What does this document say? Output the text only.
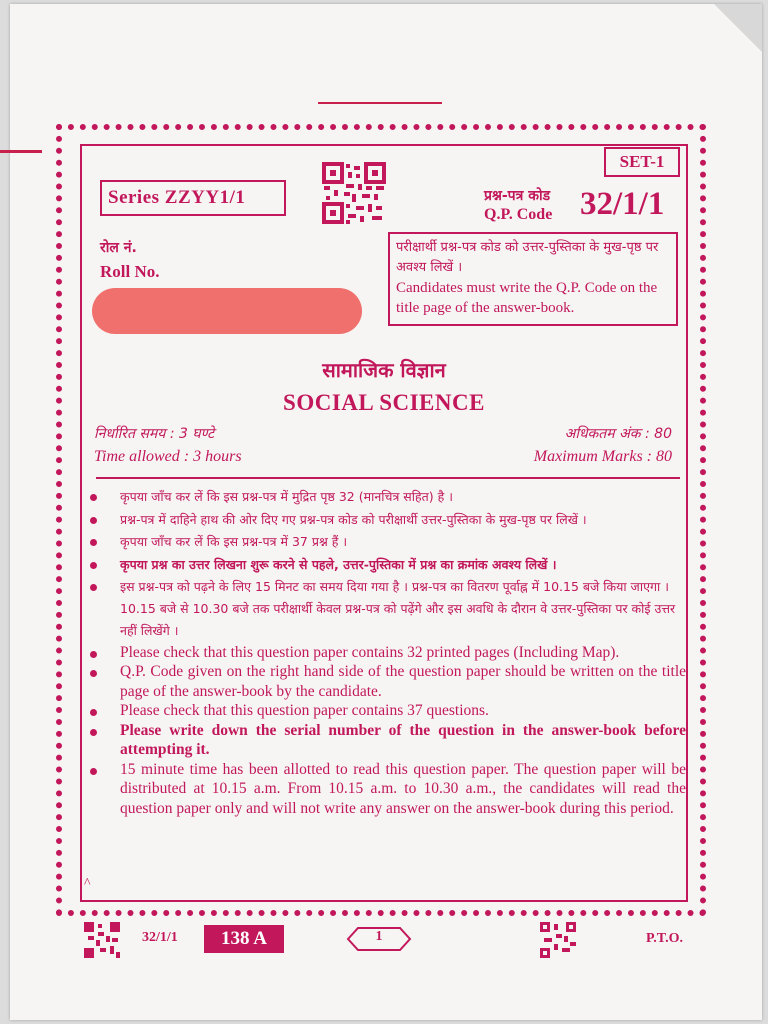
SET-1
Series ZZYY1/1	प्रश्न-पत्र कोड
Q.P. Code 32/1/1
रोल नं.
Roll No.
परीक्षार्थी प्रश्न-पत्र कोड को उत्तर-पुस्तिका के मुख-पृष्ठ पर अवश्य लिखें ।
Candidates must write the Q.P. Code on the title page of the answer-book.
सामाजिक विज्ञान
SOCIAL SCIENCE
निर्धारित समय : 3 घण्टे
Time allowed : 3 hours
अधिकतम अंक : 80
Maximum Marks : 80
कृपया जाँच कर लें कि इस प्रश्न-पत्र में मुद्रित पृष्ठ 32 (मानचित्र सहित) है ।
प्रश्न-पत्र में दाहिने हाथ की ओर दिए गए प्रश्न-पत्र कोड को परीक्षार्थी उत्तर-पुस्तिका के मुख-पृष्ठ पर लिखें ।
कृपया जाँच कर लें कि इस प्रश्न-पत्र में 37 प्रश्न हैं ।
कृपया प्रश्न का उत्तर लिखना शुरू करने से पहले, उत्तर-पुस्तिका में प्रश्न का क्रमांक अवश्य लिखें ।
इस प्रश्न-पत्र को पढ़ने के लिए 15 मिनट का समय दिया गया है । प्रश्न-पत्र का वितरण पूर्वाह्न में 10.15 बजे किया जाएगा । 10.15 बजे से 10.30 बजे तक परीक्षार्थी केवल प्रश्न-पत्र को पढ़ेंगे और इस अवधि के दौरान वे उत्तर-पुस्तिका पर कोई उत्तर नहीं लिखेंगे ।
Please check that this question paper contains 32 printed pages (Including Map).
Q.P. Code given on the right hand side of the question paper should be written on the title page of the answer-book by the candidate.
Please check that this question paper contains 37 questions.
Please write down the serial number of the question in the answer-book before attempting it.
15 minute time has been allotted to read this question paper. The question paper will be distributed at 10.15 a.m. From 10.15 a.m. to 10.30 a.m., the candidates will read the question paper only and will not write any answer on the answer-book during this period.
^
32/1/1	138 A	1	P.T.O.
